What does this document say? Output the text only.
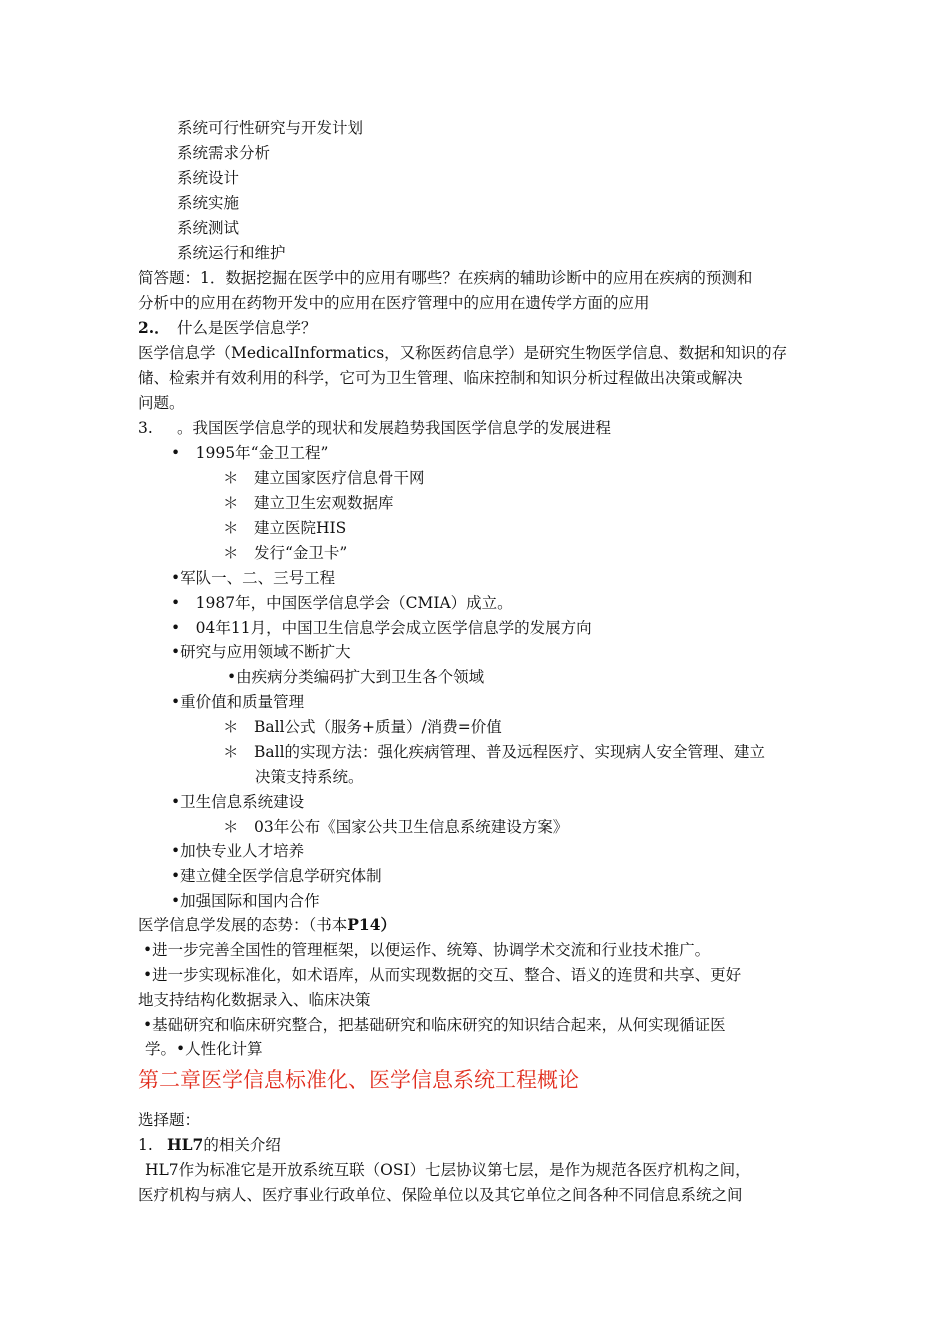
系统可行性研究与开发计划
系统需求分析
系统设计
系统实施
系统测试
系统运行和维护
简答题：1．数据挖掘在医学中的应用有哪些？在疾病的辅助诊断中的应用在疾病的预测和
分析中的应用在药物开发中的应用在医疗管理中的应用在遗传学方面的应用
2.． 什么是医学信息学？
医学信息学（MedicalInformatics，又称医药信息学）是研究生物医学信息、数据和知识的存
储、检索并有效利用的科学，它可为卫生管理、临床控制和知识分析过程做出决策或解决
问题。
3. 。我国医学信息学的现状和发展趋势我国医学信息学的发展进程
•　1995年“金卫工程”
＊　建立国家医疗信息骨干网
＊　建立卫生宏观数据库
＊　建立医院HIS
＊　发行“金卫卡”
•军队一、二、三号工程
•　1987年，中国医学信息学会（CMIA）成立。
•　04年11月，中国卫生信息学会成立医学信息学的发展方向
•研究与应用领域不断扩大
•由疾病分类编码扩大到卫生各个领域
•重价值和质量管理
＊　Ball公式（服务+质量）/消费=价值
＊　Ball的实现方法：强化疾病管理、普及远程医疗、实现病人安全管理、建立
决策支持系统。
•卫生信息系统建设
＊　03年公布《国家公共卫生信息系统建设方案》
•加快专业人才培养
•建立健全医学信息学研究体制
•加强国际和国内合作
医学信息学发展的态势：（书本P14）
•进一步完善全国性的管理框架，以便运作、统筹、协调学术交流和行业技术推广。
•进一步实现标准化，如术语库，从而实现数据的交互、整合、语义的连贯和共享、更好
地支持结构化数据录入、临床决策
•基础研究和临床研究整合，把基础研究和临床研究的知识结合起来，从何实现循证医
学。•人性化计算
第二章医学信息标准化、医学信息系统工程概论
选择题：
1. HL7的相关介绍
HL7作为标准它是开放系统互联（OSI）七层协议第七层，是作为规范各医疗机构之间，
医疗机构与病人、医疗事业行政单位、保险单位以及其它单位之间各种不同信息系统之间
